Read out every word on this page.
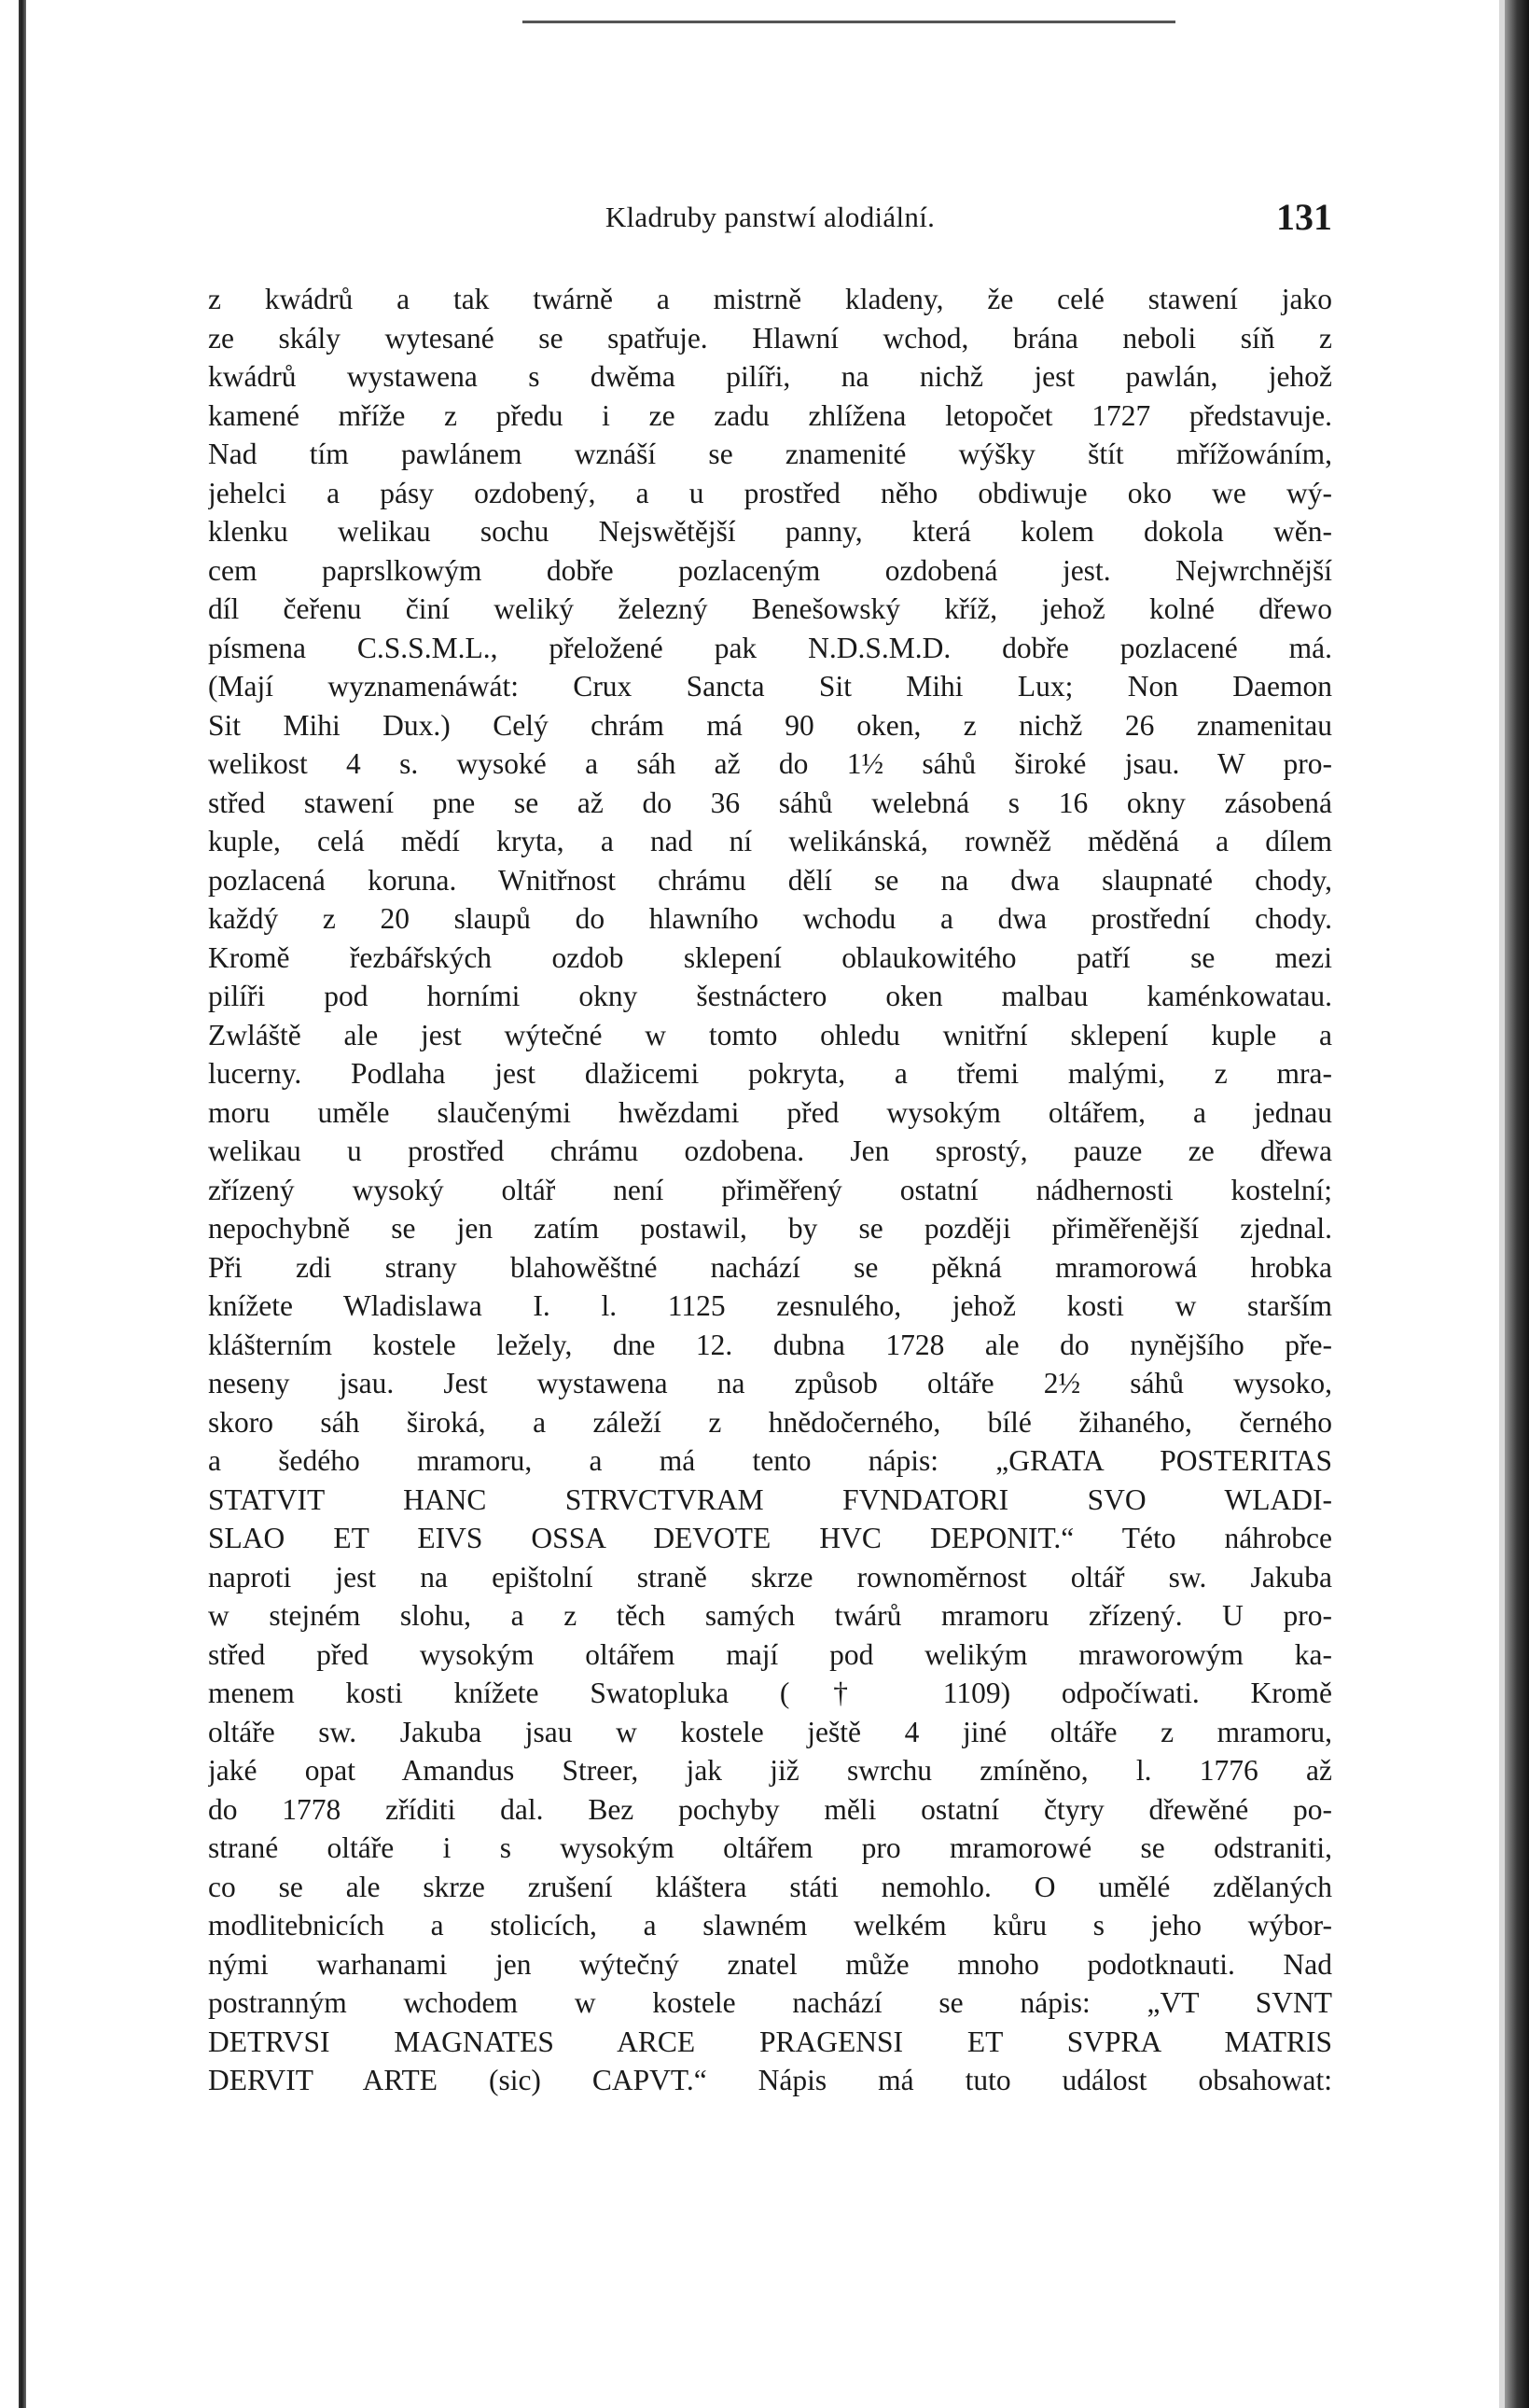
Kladruby panstwí alodiální.	131
z kwádrů a tak twárně a mistrně kladeny, že celé stawení jako
ze skály wytesané se spatřuje. Hlawní wchod, brána neboli síň z
kwádrů wystawena s dwěma pilíři, na nichž jest pawlán, jehož
kamené mříže z předu i ze zadu zhlížena letopočet 1727 představuje.
Nad tím pawlánem wznáší se znamenité wýšky štít mřížowáním,
jehelci a pásy ozdobený, a u prostřed něho obdiwuje oko we wý-
klenku welikau sochu Nejswětější panny, která kolem dokola wěn-
cem paprslkowým dobře pozlaceným ozdobená jest. Nejwrchnější
díl čeřenu činí weliký železný Benešowský kříž, jehož kolné dřewo
písmena C.S.S.M.L., přeložené pak N.D.S.M.D. dobře pozlacené má.
(Mají wyznamenáwát: Crux Sancta Sit Mihi Lux; Non Daemon
Sit Mihi Dux.) Celý chrám má 90 oken, z nichž 26 znamenitau
welikost 4 s. wysoké a sáh až do 1½ sáhů široké jsau. W pro-
střed stawení pne se až do 36 sáhů welebná s 16 okny zásobená
kuple, celá mědí kryta, a nad ní welikánská, rowněž měděná a dílem
pozlacená koruna. Wnitřnost chrámu dělí se na dwa slaupnaté chody,
každý z 20 slaupů do hlawního wchodu a dwa prostřední chody.
Kromě řezbářských ozdob sklepení oblaukowitého patří se mezi
pilíři pod horními okny šestnáctero oken malbau kaménkowatau.
Zwláště ale jest wýtečné w tomto ohledu wnitřní sklepení kuple a
lucerny. Podlaha jest dlažicemi pokryta, a třemi malými, z mra-
moru uměle slaučenými hwězdami před wysokým oltářem, a jednau
welikau u prostřed chrámu ozdobena. Jen sprostý, pauze ze dřewa
zřízený wysoký oltář není přiměřený ostatní nádhernosti kostelní;
nepochybně se jen zatím postawil, by se později přiměřenější zjednal.
Při zdi strany blahowěštné nachází se pěkná mramorowá hrobka
knížete Wladislawa I. l. 1125 zesnulého, jehož kosti w starším
klášterním kostele ležely, dne 12. dubna 1728 ale do nynějšího pře-
neseny jsau. Jest wystawena na způsob oltáře 2½ sáhů wysoko,
skoro sáh široká, a záleží z hnědočerného, bílé žihaného, černého
a šedého mramoru, a má tento nápis: „GRATA POSTERITAS
STATVIT HANC STRVCTVRAM FVNDATORI SVO WLADI-
SLAO ET EIVS OSSA DEVOTE HVC DEPONIT.“ Této náhrobce
naproti jest na epištolní straně skrze rownoměrnost oltář sw. Jakuba
w stejném slohu, a z těch samých twárů mramoru zřízený. U pro-
střed před wysokým oltářem mají pod welikým mraworowým ka-
menem kosti knížete Swatopluka († 1109) odpočíwati. Kromě
oltáře sw. Jakuba jsau w kostele ještě 4 jiné oltáře z mramoru,
jaké opat Amandus Streer, jak již swrchu zmíněno, l. 1776 až
do 1778 zříditi dal. Bez pochyby měli ostatní čtyry dřewěné po-
strané oltáře i s wysokým oltářem pro mramorowé se odstraniti,
co se ale skrze zrušení kláštera státi nemohlo. O umělé zdělaných
modlitebnicích a stolicích, a slawném welkém kůru s jeho wýbor-
nými warhanami jen wýtečný znatel může mnoho podotknauti. Nad
postranným wchodem w kostele nachází se nápis: „VT SVNT
DETRVSI MAGNATES ARCE PRAGENSI ET SVPRA MATRIS
DERVIT ARTE (sic) CAPVT.“ Nápis má tuto událost obsahowat:
